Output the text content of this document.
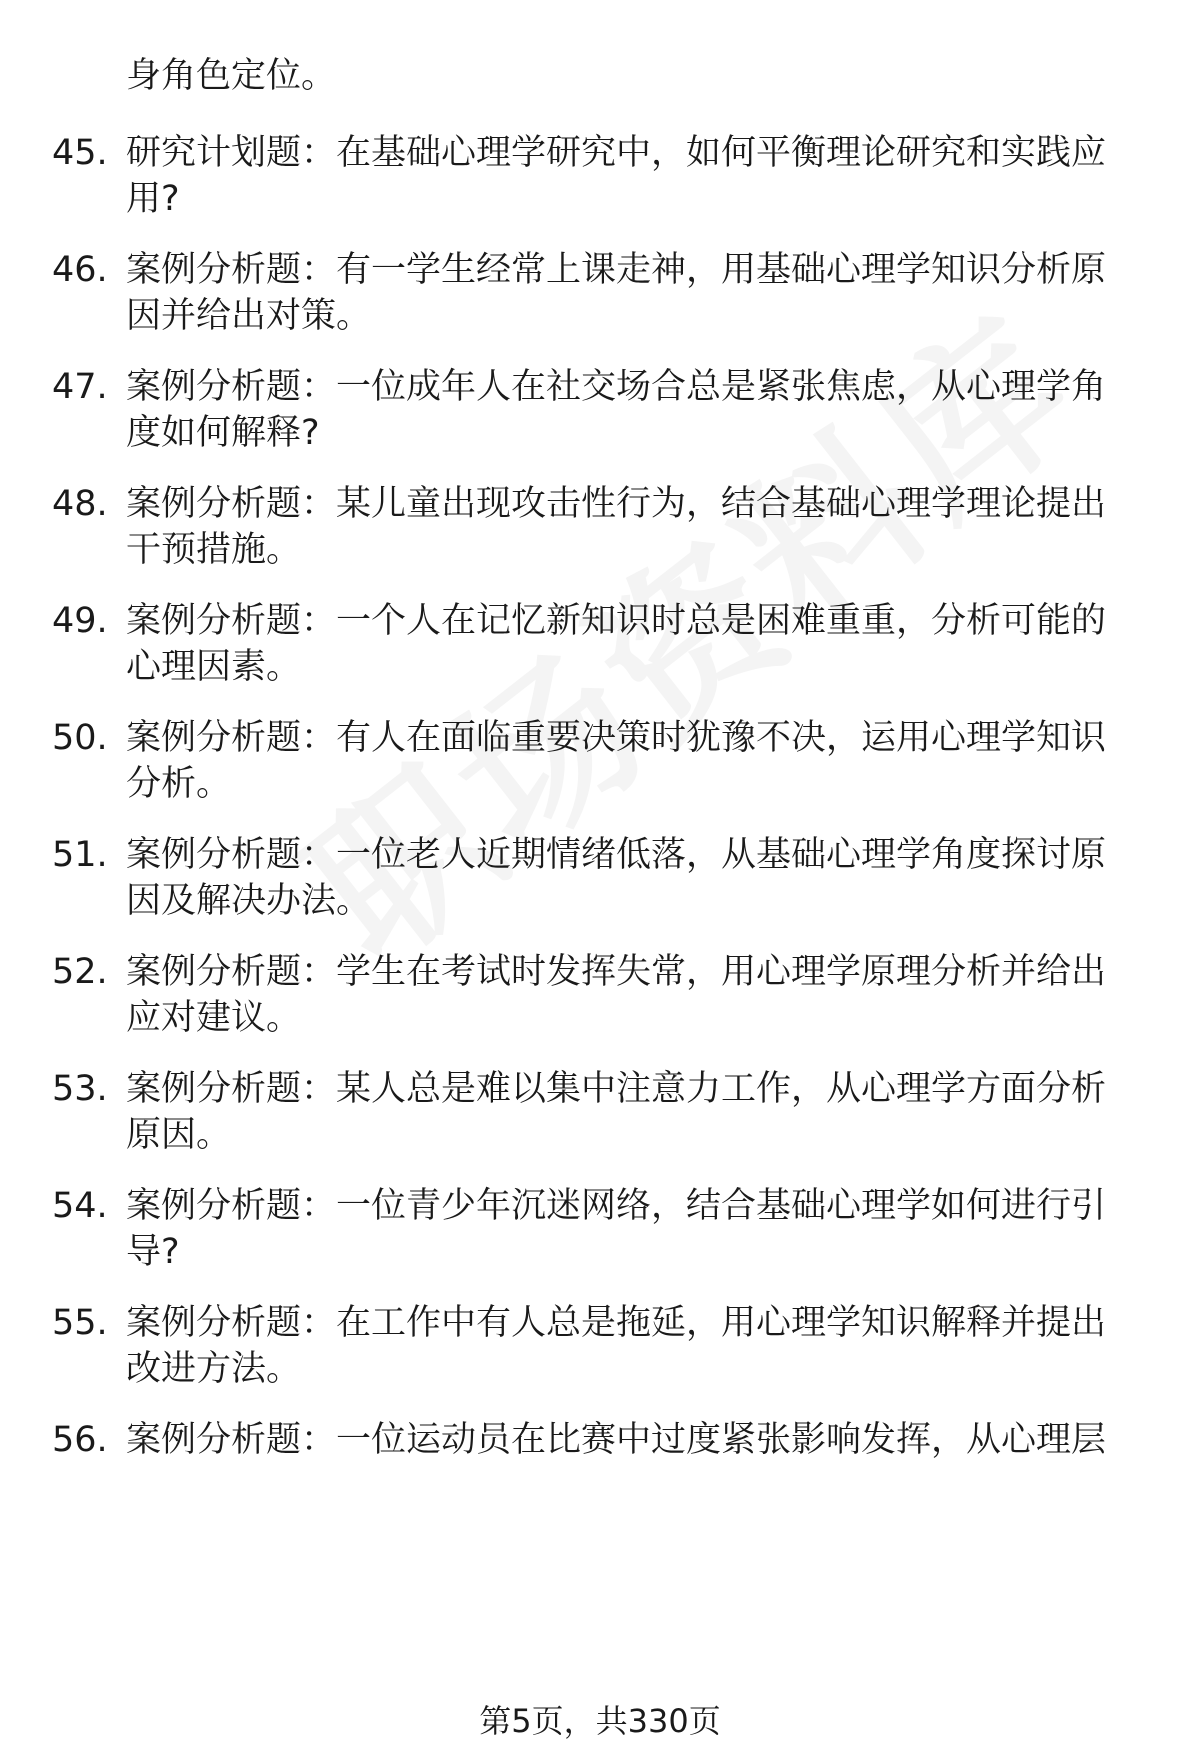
身角色定位。
45. 研究计划题：在基础心理学研究中，如何平衡理论研究和实践应
用?
46. 案例分析题：有一学生经常上课走神，用基础心理学知识分析原
因并给出对策。
47. 案例分析题：一位成年人在社交场合总是紧张焦虑，从心理学角
度如何解释?
48. 案例分析题：某儿童出现攻击性行为，结合基础心理学理论提出
干预措施。
49. 案例分析题：一个人在记忆新知识时总是困难重重，分析可能的
心理因素。
50. 案例分析题：有人在面临重要决策时犹豫不决，运用心理学知识
分析。
51. 案例分析题：一位老人近期情绪低落，从基础心理学角度探讨原
因及解决办法。
52. 案例分析题：学生在考试时发挥失常，用心理学原理分析并给出
应对建议。
53. 案例分析题：某人总是难以集中注意力工作，从心理学方面分析
原因。
54. 案例分析题：一位青少年沉迷网络，结合基础心理学如何进行引
导?
55. 案例分析题：在工作中有人总是拖延，用心理学知识解释并提出
改进方法。
56. 案例分析题：一位运动员在比赛中过度紧张影响发挥，从心理层
第5页，共330页
